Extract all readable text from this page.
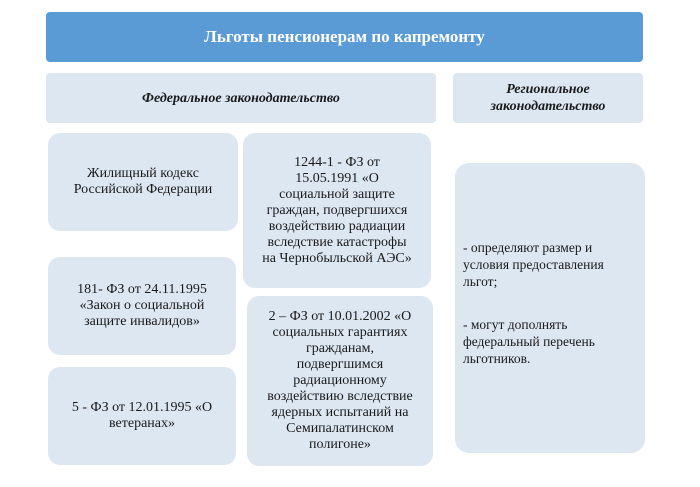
Льготы пенсионерам по капремонту
Федеральное законодательство
Региональное
законодательство
Жилищный кодекс
Российской Федерации
181- ФЗ от 24.11.1995
«Закон о социальной
защите инвалидов»
5 - ФЗ от 12.01.1995 «О
ветеранах»
1244-1 - ФЗ от
15.05.1991 «О
социальной защите
граждан, подвергшихся
воздействию радиации
вследствие катастрофы
на Чернобыльской АЭС»
2 – ФЗ от 10.01.2002 «О
социальных гарантиях
гражданам,
подвергшимся
радиационному
воздействию вследствие
ядерных испытаний на
Семипалатинском
полигоне»

- определяют размер и
условия предоставления
льгот;

- могут дополнять
федеральный перечень
льготников.
